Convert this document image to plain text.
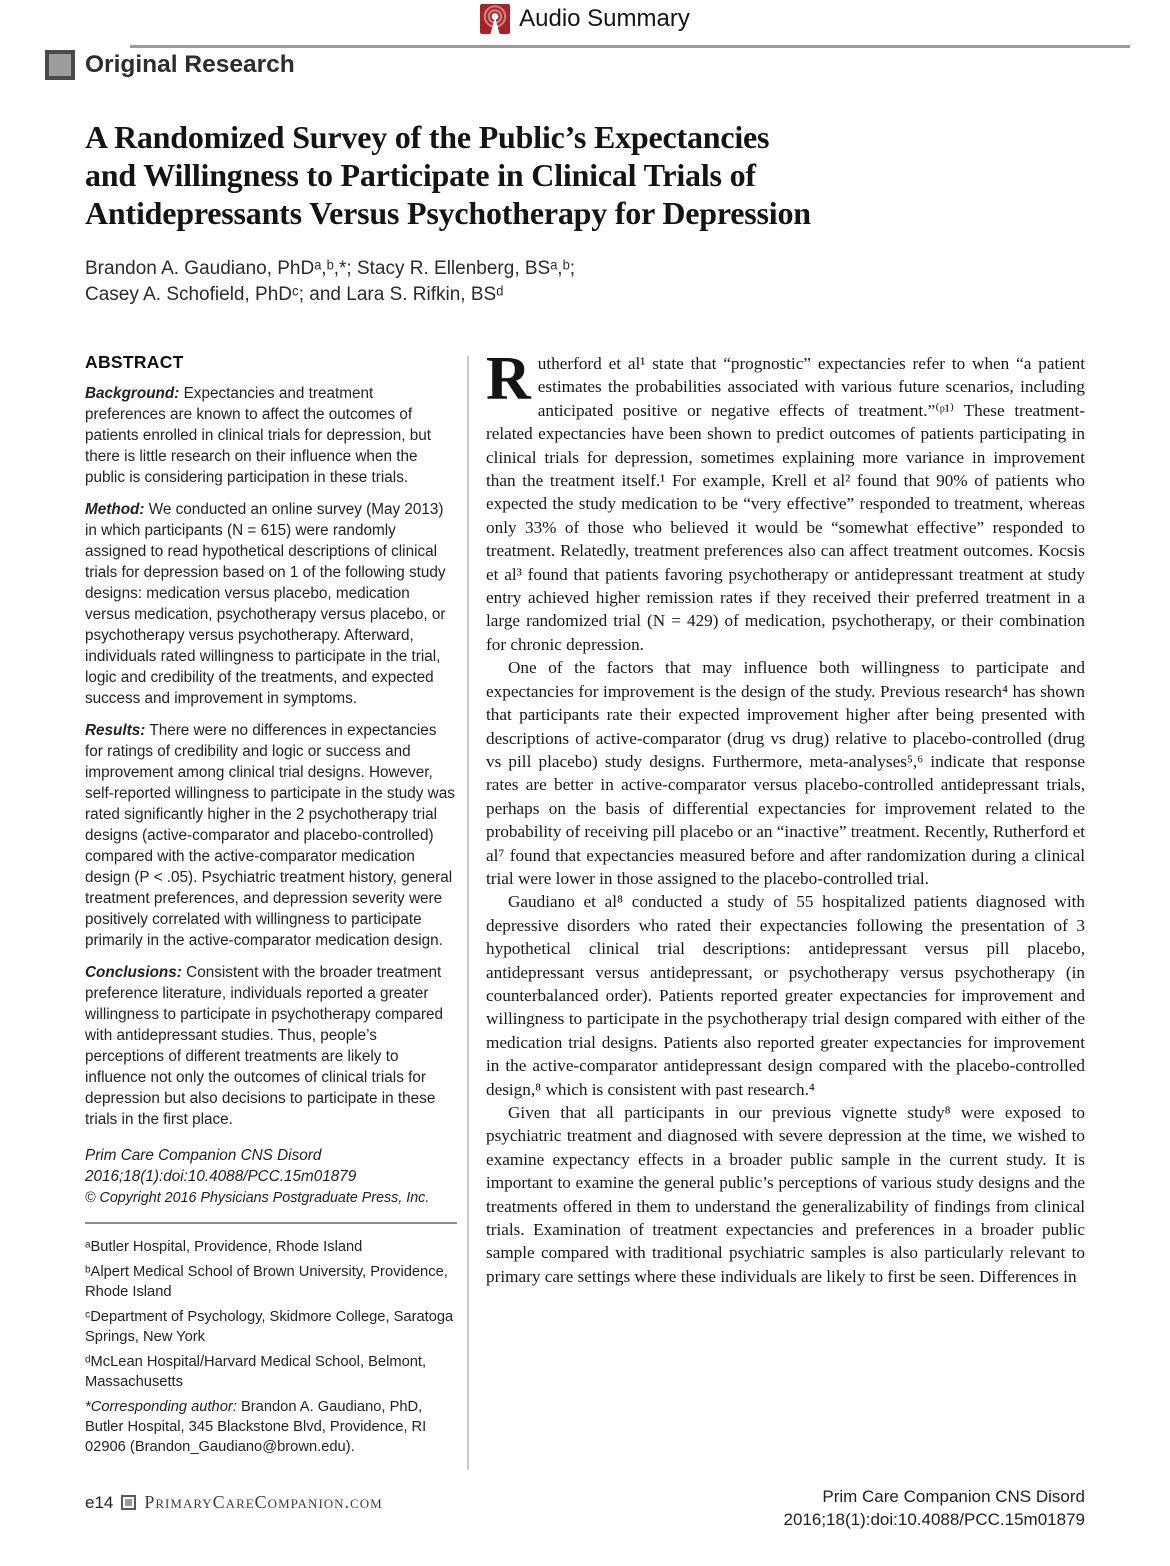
Audio Summary
Original Research
A Randomized Survey of the Public’s Expectancies
and Willingness to Participate in Clinical Trials of
Antidepressants Versus Psychotherapy for Depression
Brandon A. Gaudiano, PhDᵃ,ᵇ,*; Stacy R. Ellenberg, BSᵃ,ᵇ;
Casey A. Schofield, PhDᶜ; and Lara S. Rifkin, BSᵈ
ABSTRACT

Background: Expectancies and treatment preferences are known to affect the outcomes of patients enrolled in clinical trials for depression, but there is little research on their influence when the public is considering participation in these trials.

Method: We conducted an online survey (May 2013) in which participants (N = 615) were randomly assigned to read hypothetical descriptions of clinical trials for depression based on 1 of the following study designs: medication versus placebo, medication versus medication, psychotherapy versus placebo, or psychotherapy versus psychotherapy. Afterward, individuals rated willingness to participate in the trial, logic and credibility of the treatments, and expected success and improvement in symptoms.

Results: There were no differences in expectancies for ratings of credibility and logic or success and improvement among clinical trial designs. However, self-reported willingness to participate in the study was rated significantly higher in the 2 psychotherapy trial designs (active-comparator and placebo-controlled) compared with the active-comparator medication design (P < .05). Psychiatric treatment history, general treatment preferences, and depression severity were positively correlated with willingness to participate primarily in the active-comparator medication design.

Conclusions: Consistent with the broader treatment preference literature, individuals reported a greater willingness to participate in psychotherapy compared with antidepressant studies. Thus, people’s perceptions of different treatments are likely to influence not only the outcomes of clinical trials for depression but also decisions to participate in these trials in the first place.

Prim Care Companion CNS Disord
2016;18(1):doi:10.4088/PCC.15m01879

© Copyright 2016 Physicians Postgraduate Press, Inc.

ᵃButler Hospital, Providence, Rhode Island

ᵇAlpert Medical School of Brown University, Providence, Rhode Island

ᶜDepartment of Psychology, Skidmore College, Saratoga Springs, New York

ᵈMcLean Hospital/Harvard Medical School, Belmont, Massachusetts

*Corresponding author: Brandon A. Gaudiano, PhD, Butler Hospital, 345 Blackstone Blvd, Providence, RI 02906 (Brandon_Gaudiano@brown.edu).

Rutherford et al¹ state that “prognostic” expectancies refer to when “a patient estimates the probabilities associated with various future scenarios, including anticipated positive or negative effects of treatment.”⁽ᵖ¹⁾ These treatment-related expectancies have been shown to predict outcomes of patients participating in clinical trials for depression, sometimes explaining more variance in improvement than the treatment itself.¹ For example, Krell et al² found that 90% of patients who expected the study medication to be “very effective” responded to treatment, whereas only 33% of those who believed it would be “somewhat effective” responded to treatment. Relatedly, treatment preferences also can affect treatment outcomes. Kocsis et al³ found that patients favoring psychotherapy or antidepressant treatment at study entry achieved higher remission rates if they received their preferred treatment in a large randomized trial (N = 429) of medication, psychotherapy, or their combination for chronic depression.

One of the factors that may influence both willingness to participate and expectancies for improvement is the design of the study. Previous research⁴ has shown that participants rate their expected improvement higher after being presented with descriptions of active-comparator (drug vs drug) relative to placebo-controlled (drug vs pill placebo) study designs. Furthermore, meta-analyses⁵,⁶ indicate that response rates are better in active-comparator versus placebo-controlled antidepressant trials, perhaps on the basis of differential expectancies for improvement related to the probability of receiving pill placebo or an “inactive” treatment. Recently, Rutherford et al⁷ found that expectancies measured before and after randomization during a clinical trial were lower in those assigned to the placebo-controlled trial.

Gaudiano et al⁸ conducted a study of 55 hospitalized patients diagnosed with depressive disorders who rated their expectancies following the presentation of 3 hypothetical clinical trial descriptions: antidepressant versus pill placebo, antidepressant versus antidepressant, or psychotherapy versus psychotherapy (in counterbalanced order). Patients reported greater expectancies for improvement and willingness to participate in the psychotherapy trial design compared with either of the medication trial designs. Patients also reported greater expectancies for improvement in the active-comparator antidepressant design compared with the placebo-controlled design,⁸ which is consistent with past research.⁴

Given that all participants in our previous vignette study⁸ were exposed to psychiatric treatment and diagnosed with severe depression at the time, we wished to examine expectancy effects in a broader public sample in the current study. It is important to examine the general public’s perceptions of various study designs and the treatments offered in them to understand the generalizability of findings from clinical trials. Examination of treatment expectancies and preferences in a broader public sample compared with traditional psychiatric samples is also particularly relevant to primary care settings where these individuals are likely to first be seen. Differences in

e14 PrimaryCareCompanion.com	Prim Care Companion CNS Disord
2016;18(1):doi:10.4088/PCC.15m01879
